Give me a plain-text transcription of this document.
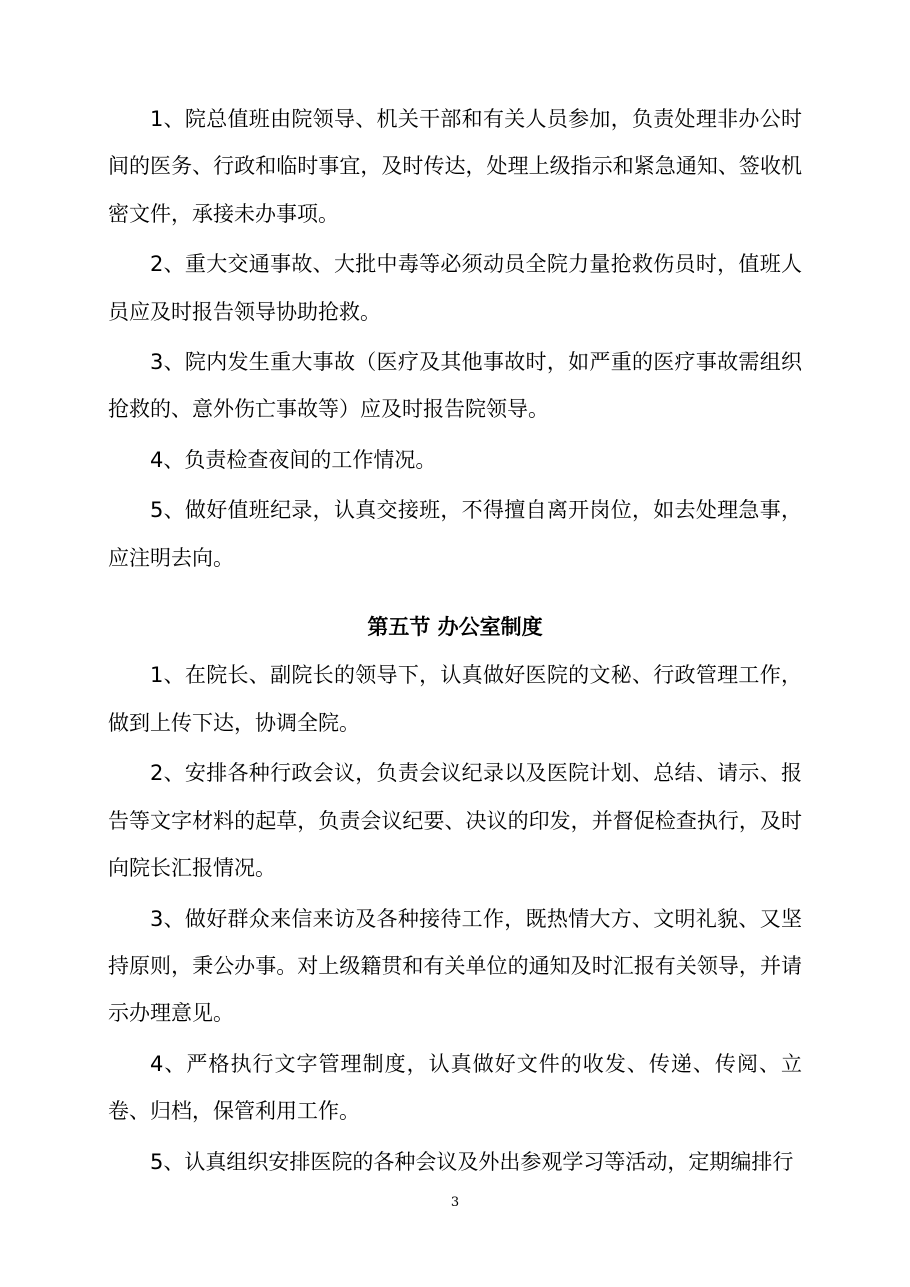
1、院总值班由院领导、机关干部和有关人员参加，负责处理非办公时间的医务、行政和临时事宜，及时传达，处理上级指示和紧急通知、签收机密文件，承接未办事项。

2、重大交通事故、大批中毒等必须动员全院力量抢救伤员时，值班人员应及时报告领导协助抢救。

3、院内发生重大事故（医疗及其他事故时，如严重的医疗事故需组织抢救的、意外伤亡事故等）应及时报告院领导。

4、负责检查夜间的工作情况。

5、做好值班纪录，认真交接班，不得擅自离开岗位，如去处理急事，应注明去向。

第五节 办公室制度

1、在院长、副院长的领导下，认真做好医院的文秘、行政管理工作，做到上传下达，协调全院。

2、安排各种行政会议，负责会议纪录以及医院计划、总结、请示、报告等文字材料的起草，负责会议纪要、决议的印发，并督促检查执行，及时向院长汇报情况。

3、做好群众来信来访及各种接待工作，既热情大方、文明礼貌、又坚持原则，秉公办事。对上级籍贯和有关单位的通知及时汇报有关领导，并请示办理意见。

4、严格执行文字管理制度，认真做好文件的收发、传递、传阅、立卷、归档，保管利用工作。

5、认真组织安排医院的各种会议及外出参观学习等活动，定期编排行

3
